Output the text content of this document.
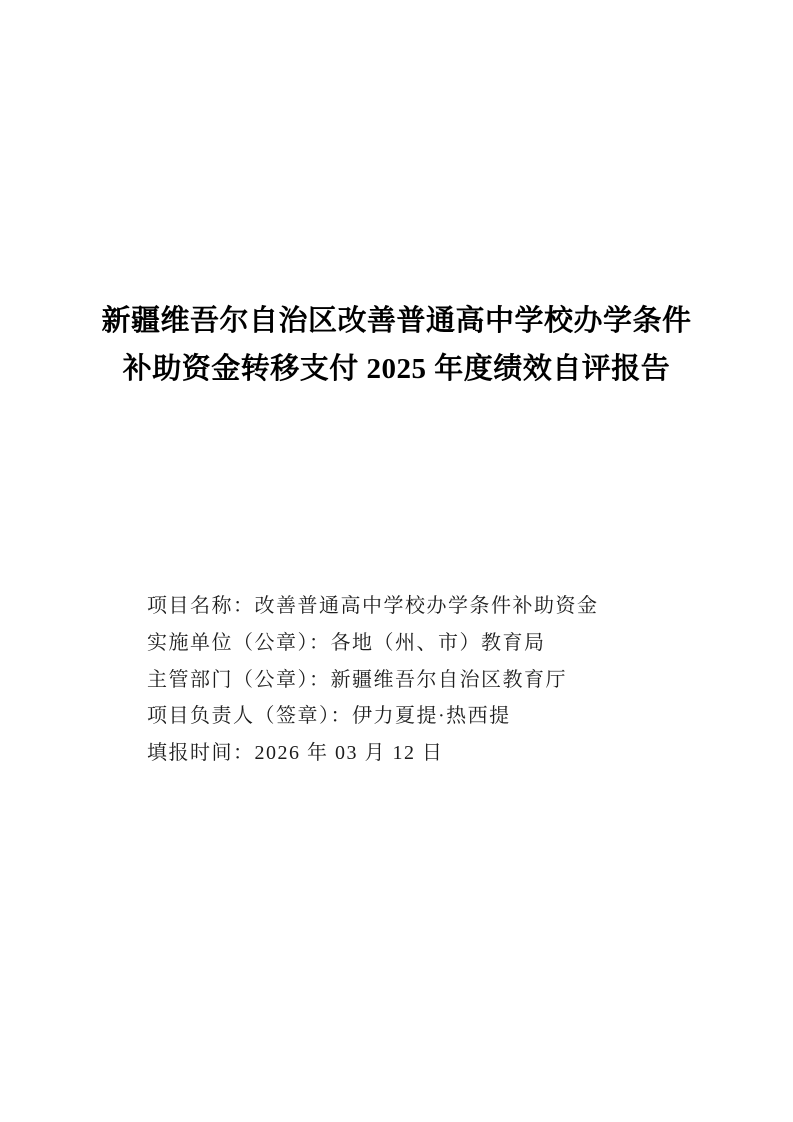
新疆维吾尔自治区改善普通高中学校办学条件
补助资金转移支付 2025 年度绩效自评报告
项目名称：改善普通高中学校办学条件补助资金
实施单位（公章）：各地（州、市）教育局
主管部门（公章）：新疆维吾尔自治区教育厅
项目负责人（签章）：伊力夏提·热西提
填报时间：2026 年 03 月 12 日
